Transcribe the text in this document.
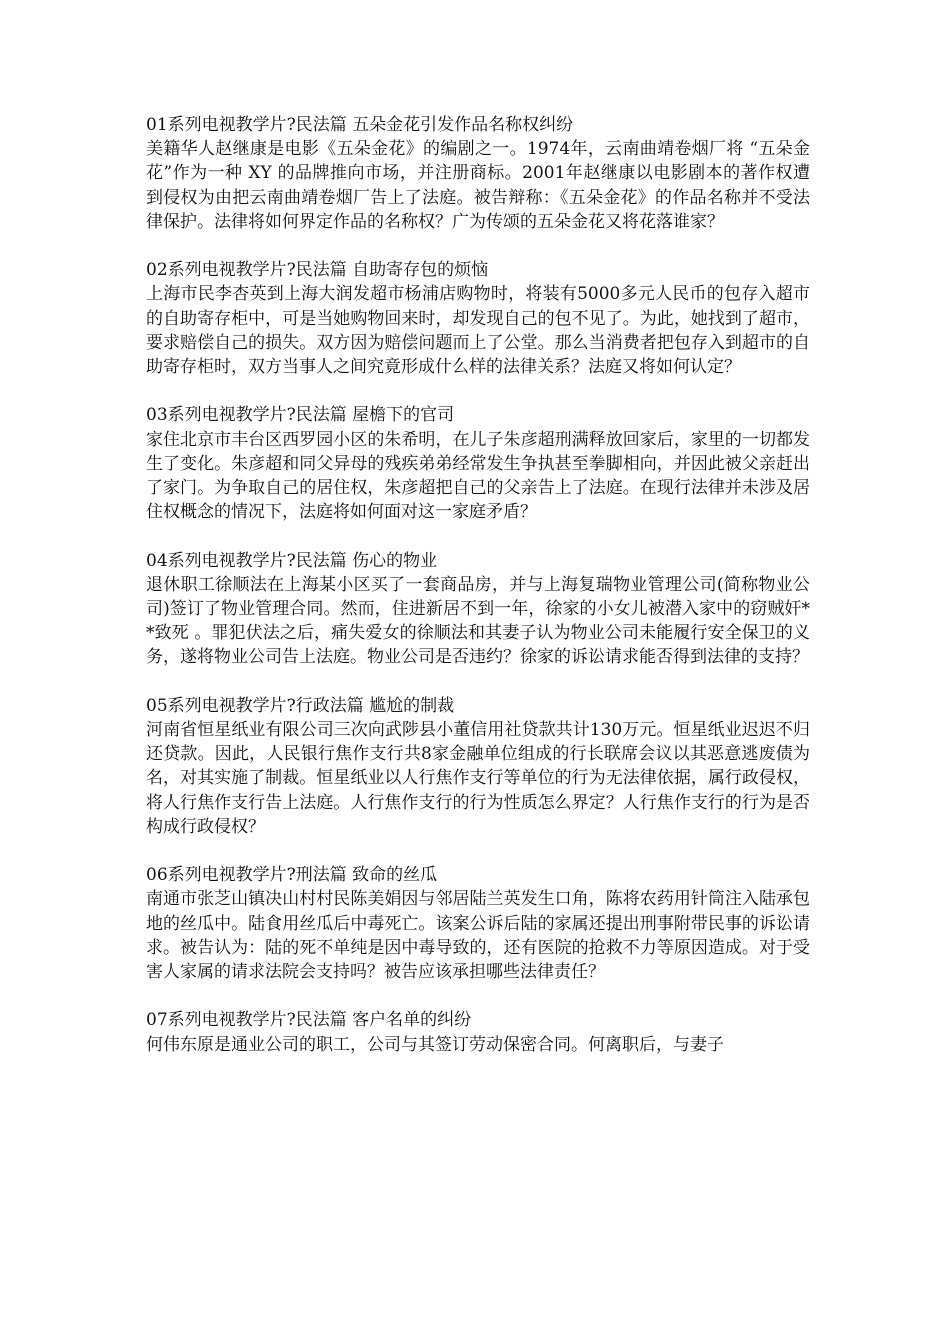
01系列电视教学片?民法篇 五朵金花引发作品名称权纠纷
美籍华人赵继康是电影《五朵金花》的编剧之一。1974年，云南曲靖卷烟厂将 “五朵金花”作为一种 XY 的品牌推向市场，并注册商标。2001年赵继康以电影剧本的著作权遭到侵权为由把云南曲靖卷烟厂告上了法庭。被告辩称：《五朵金花》的作品名称并不受法律保护。法律将如何界定作品的名称权？广为传颂的五朵金花又将花落谁家？
02系列电视教学片?民法篇 自助寄存包的烦恼
上海市民李杏英到上海大润发超市杨浦店购物时，将装有5000多元人民币的包存入超市的自助寄存柜中，可是当她购物回来时，却发现自己的包不见了。为此，她找到了超市，要求赔偿自己的损失。双方因为赔偿问题而上了公堂。那么当消费者把包存入到超市的自助寄存柜时，双方当事人之间究竟形成什么样的法律关系？法庭又将如何认定？
03系列电视教学片?民法篇 屋檐下的官司
家住北京市丰台区西罗园小区的朱希明，在儿子朱彦超刑满释放回家后，家里的一切都发生了变化。朱彦超和同父异母的残疾弟弟经常发生争执甚至拳脚相向，并因此被父亲赶出了家门。为争取自己的居住权，朱彦超把自己的父亲告上了法庭。在现行法律并未涉及居住权概念的情况下，法庭将如何面对这一家庭矛盾？
04系列电视教学片?民法篇 伤心的物业
退休职工徐顺法在上海某小区买了一套商品房，并与上海复瑞物业管理公司(简称物业公司)签订了物业管理合同。然而，住进新居不到一年，徐家的小女儿被潜入家中的窃贼奸**致死 。罪犯伏法之后，痛失爱女的徐顺法和其妻子认为物业公司未能履行安全保卫的义务，遂将物业公司告上法庭。物业公司是否违约？徐家的诉讼请求能否得到法律的支持？
05系列电视教学片?行政法篇 尴尬的制裁
河南省恒星纸业有限公司三次向武陟县小董信用社贷款共计130万元。恒星纸业迟迟不归还贷款。因此，人民银行焦作支行共8家金融单位组成的行长联席会议以其恶意逃废债为名，对其实施了制裁。恒星纸业以人行焦作支行等单位的行为无法律依据，属行政侵权，将人行焦作支行告上法庭。人行焦作支行的行为性质怎么界定？人行焦作支行的行为是否构成行政侵权？
06系列电视教学片?刑法篇 致命的丝瓜
南通市张芝山镇决山村村民陈美娟因与邻居陆兰英发生口角，陈将农药用针筒注入陆承包地的丝瓜中。陆食用丝瓜后中毒死亡。该案公诉后陆的家属还提出刑事附带民事的诉讼请求。被告认为：陆的死不单纯是因中毒导致的，还有医院的抢救不力等原因造成。对于受害人家属的请求法院会支持吗？被告应该承担哪些法律责任？
07系列电视教学片?民法篇 客户名单的纠纷
何伟东原是通业公司的职工，公司与其签订劳动保密合同。何离职后，与妻子
